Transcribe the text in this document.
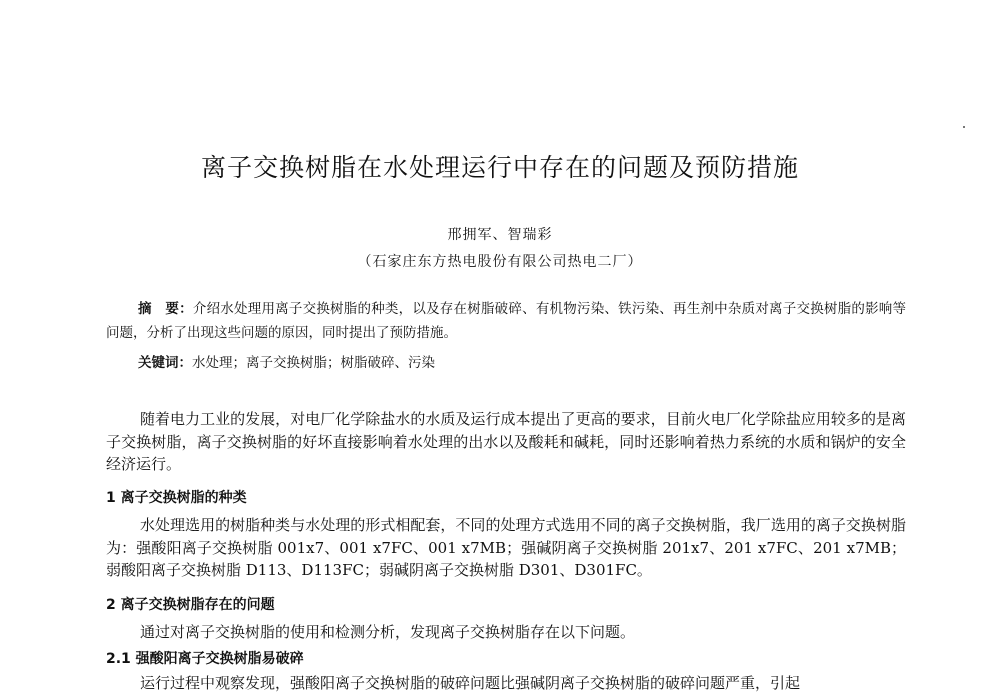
离子交换树脂在水处理运行中存在的问题及预防措施
邢拥军、智瑞彩
（石家庄东方热电股份有限公司热电二厂）
摘　要：介绍水处理用离子交换树脂的种类，以及存在树脂破碎、有机物污染、铁污染、再生剂中杂质对离子交换树脂的影响等问题，分析了出现这些问题的原因，同时提出了预防措施。
关键词：水处理；离子交换树脂；树脂破碎、污染

随着电力工业的发展，对电厂化学除盐水的水质及运行成本提出了更高的要求，目前火电厂化学除盐应用较多的是离子交换树脂，离子交换树脂的好坏直接影响着水处理的出水以及酸耗和碱耗，同时还影响着热力系统的水质和锅炉的安全经济运行。

1 离子交换树脂的种类

水处理选用的树脂种类与水处理的形式相配套，不同的处理方式选用不同的离子交换树脂，我厂选用的离子交换树脂为：强酸阳离子交换树脂 001x7、001 x7FC、001 x7MB；强碱阴离子交换树脂 201x7、201 x7FC、201 x7MB；弱酸阳离子交换树脂 D113、D113FC；弱碱阴离子交换树脂 D301、D301FC。

2 离子交换树脂存在的问题

通过对离子交换树脂的使用和检测分析，发现离子交换树脂存在以下问题。

2.1 强酸阳离子交换树脂易破碎

运行过程中观察发现，强酸阳离子交换树脂的破碎问题比强碱阴离子交换树脂的破碎问题严重，引起
